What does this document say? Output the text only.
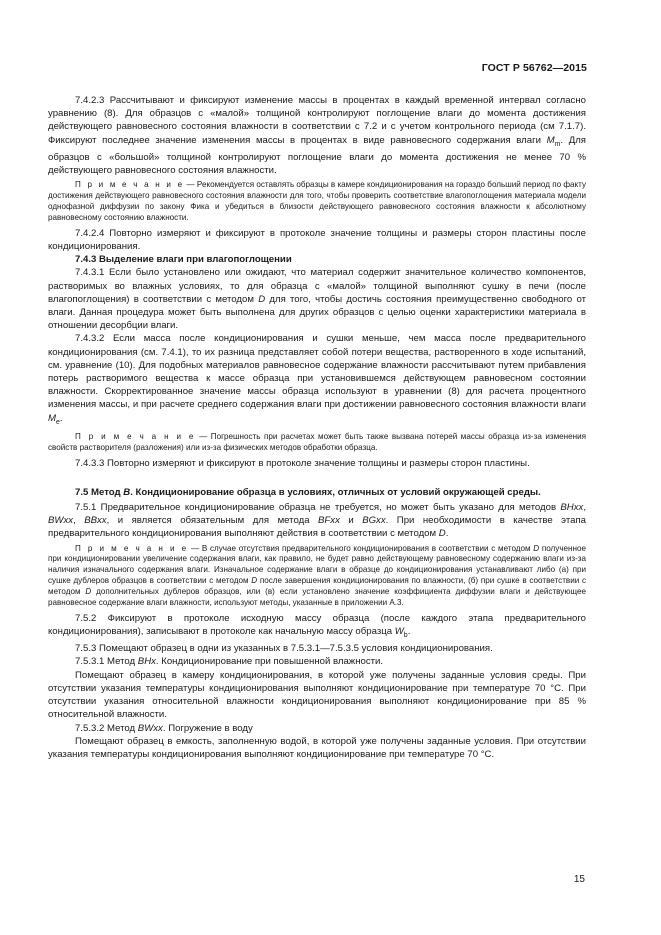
ГОСТ Р 56762—2015

7.4.2.3 Рассчитывают и фиксируют изменение массы в процентах в каждый временной интервал согласно уравнению (8). Для образцов с «малой» толщиной контролируют поглощение влаги до момента достижения действующего равновесного состояния влажности в соответствии с 7.2 и с учетом контрольного периода (см 7.1.7). Фиксируют последнее значение изменения массы в процентах в виде равновесного содержания влаги $M_m$. Для образцов с «большой» толщиной контролируют поглощение влаги до момента достижения не менее 70 % действующего равновесного состояния влажности.

П р и м е ч а н и е — Рекомендуется оставлять образцы в камере кондиционирования на гораздо больший период по факту достижения действующего равновесного состояния влажности для того, чтобы проверить соответствие влагопоглощения материала модели однофазной диффузии по закону Фика и убедиться в близости действующего равновесного состояния влажности к абсолютному равновесному состоянию влажности.

7.4.2.4 Повторно измеряют и фиксируют в протоколе значение толщины и размеры сторон пластины после кондиционирования.

7.4.3 Выделение влаги при влагопоглощении

7.4.3.1 Если было установлено или ожидают, что материал содержит значительное количество компонентов, растворимых во влажных условиях, то для образца с «малой» толщиной выполняют сушку в печи (после влагопоглощения) в соответствии с методом D для того, чтобы достичь состояния преимущественно свободного от влаги. Данная процедура может быть выполнена для других образцов с целью оценки характеристики материала в отношении десорбции влаги.

7.4.3.2 Если масса после кондиционирования и сушки меньше, чем масса после предварительного кондиционирования (см. 7.4.1), то их разница представляет собой потери вещества, растворенного в ходе испытаний, см. уравнение (10). Для подобных материалов равновесное содержание влажности рассчитывают путем прибавления потерь растворимого вещества к массе образца при установившемся действующем равновесном состоянии влажности. Скорректированное значение массы образца используют в уравнении (8) для расчета процентного изменения массы, и при расчете среднего содержания влаги при достижении равновесного состояния влажности влаги $M_e$.

П р и м е ч а н и е — Погрешность при расчетах может быть также вызвана потерей массы образца из-за изменения свойств растворителя (разложения) или из-за физических методов обработки образца.

7.4.3.3 Повторно измеряют и фиксируют в протоколе значение толщины и размеры сторон пластины.

7.5 Метод В. Кондиционирование образца в условиях, отличных от условий окружающей среды.

7.5.1 Предварительное кондиционирование образца не требуется, но может быть указано для методов ВНхх, BWxx, BBxx, и является обязательным для метода BFxx и BGxx. При необходимости в качестве этапа предварительного кондиционирования выполняют действия в соответствии с методом D.

П р и м е ч а н и е — В случае отсутствия предварительного кондиционирования в соответствии с методом D полученное при кондиционировании увеличение содержания влаги, как правило, не будет равно действующему равновесному содержанию влаги из-за наличия изначального содержания влаги. Изначальное содержание влаги в образце до кондиционирования устанавливают либо (а) при сушке дублеров образцов в соответствии с методом D после завершения кондиционирования по влажности, (б) при сушке в соответствии с методом D дополнительных дублеров образцов, или (в) если установлено значение коэффициента диффузии влаги и действующее равновесное содержание влаги влажности, используют методы, указанные в приложении А.3.

7.5.2 Фиксируют в протоколе исходную массу образца (после каждого этапа предварительного кондиционирования), записывают в протоколе как начальную массу образца $W_b$.

7.5.3 Помещают образец в одни из указанных в 7.5.3.1—7.5.3.5 условия кондиционирования.

7.5.3.1 Метод ВНх. Кондиционирование при повышенной влажности.

Помещают образец в камеру кондиционирования, в которой уже получены заданные условия среды. При отсутствии указания температуры кондиционирования выполняют кондиционирование при температуре 70 °С. При отсутствии указания относительной влажности кондиционирования выполняют кондиционирование при 85 % относительной влажности.

7.5.3.2 Метод BWxx. Погружение в воду

Помещают образец в емкость, заполненную водой, в которой уже получены заданные условия. При отсутствии указания температуры кондиционирования выполняют кондиционирование при температуре 70 °С.

15
